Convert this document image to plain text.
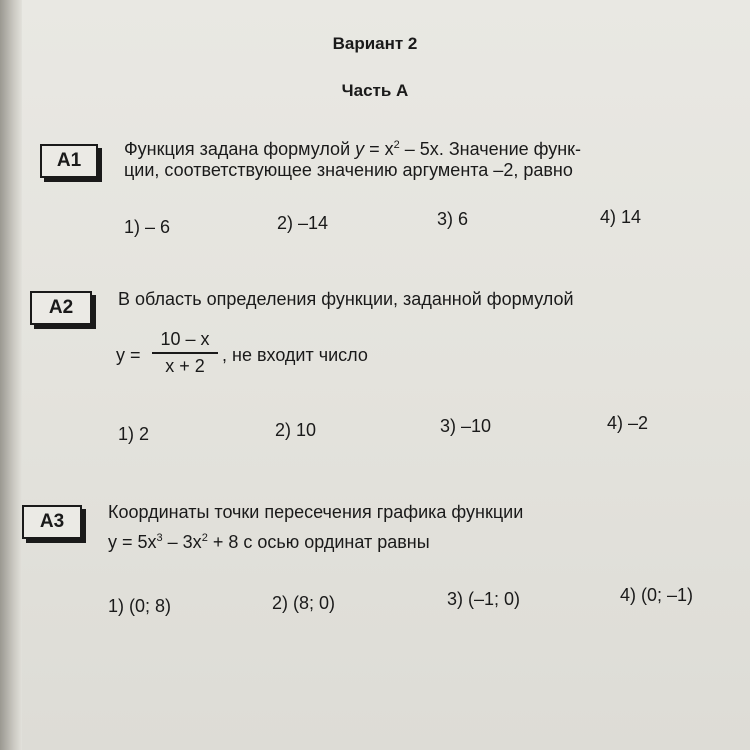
Вариант 2
Часть А
А1
Функция задана формулой $y = x^2 - 5x$. Значение функ-
ции, соответствующее значению аргумента –2, равно
1) – 6	2) –14	3) 6	4) 14
А2	В область определения функции, заданной формулой
y =
10 – x
x + 2
, не входит число
1) 2	2) 10	3) –10	4) –2
А3	Координаты точки пересечения графика функции
$y = 5x^3 - 3x^2 + 8$ с осью ординат равны
1) (0; 8)	2) (8; 0)	3) (–1; 0)	4) (0; –1)
